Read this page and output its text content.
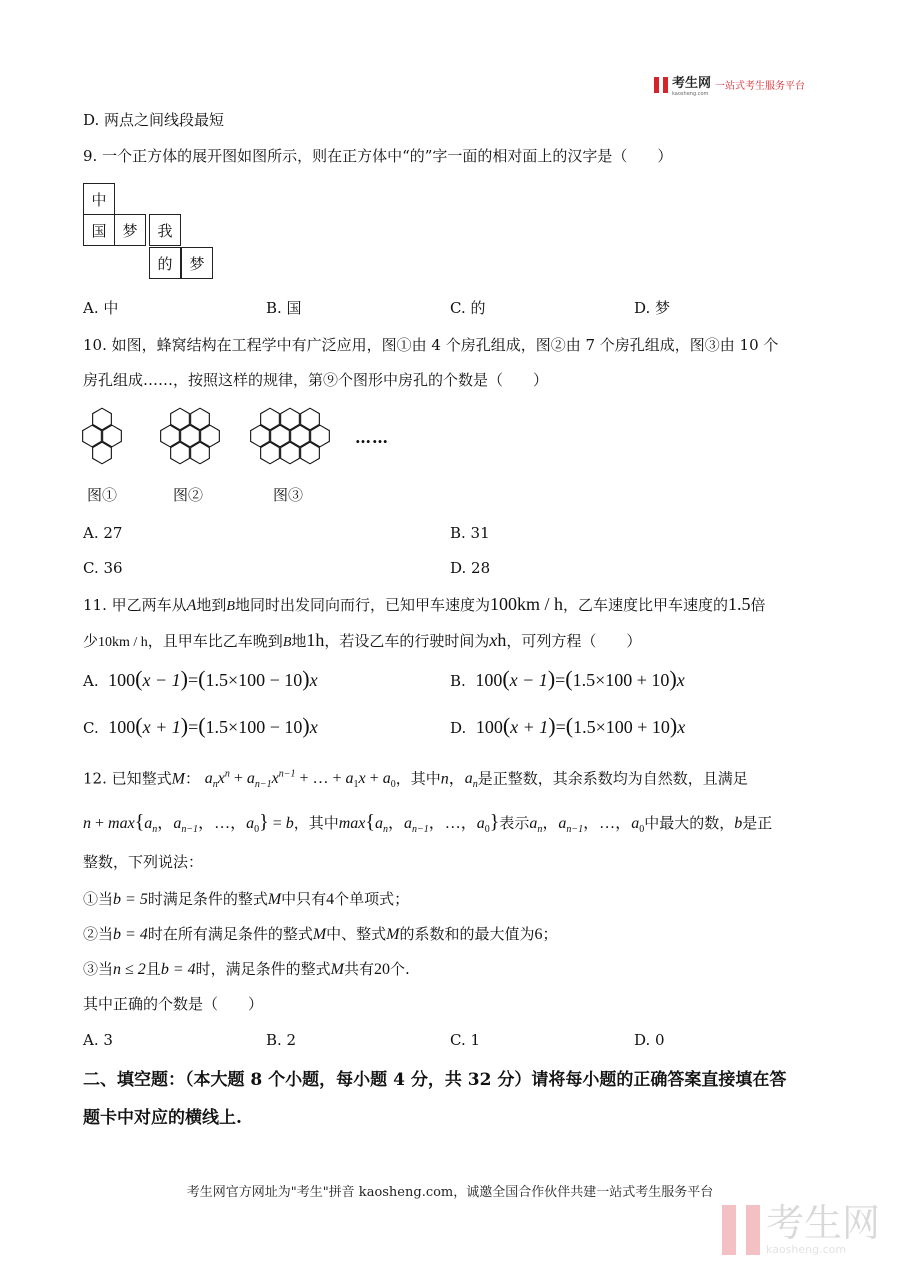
考生网
kaosheng.com
一站式考生服务平台
D. 两点之间线段最短
9. 一个正方体的展开图如图所示，则在正方体中“的”字一面的相对面上的汉字是（　　）
中
国	梦	我
的	梦
A. 中	B. 国	C. 的	D. 梦
10. 如图，蜂窝结构在工程学中有广泛应用，图①由 4 个房孔组成，图②由 7 个房孔组成，图③由 10 个
房孔组成……，按照这样的规律，第⑨个图形中房孔的个数是（　　）
……
图①	图②	图③
A. 27	B. 31
C. 36	D. 28
11. 甲乙两车从A地到B地同时出发同向而行，已知甲车速度为100km / h，乙车速度比甲车速度的1.5倍
少10km / h，且甲车比乙车晚到B地1h，若设乙车的行驶时间为xh，可列方程（　　）
A. 100(x − 1)=(1.5×100 − 10)x	B. 100(x − 1)=(1.5×100 + 10)x
C. 100(x + 1)=(1.5×100 − 10)x	D. 100(x + 1)=(1.5×100 + 10)x
12. 已知整式M： $a_nx^n + a_{n-1}x^{n-1}$ + … + $a_1x + a_0$，其中n，$a_n$是正整数，其余系数均为自然数，且满足
$n + \max\{a_n$，$a_{n-1}$，…，$a_0\} = b$，其中$\max\{a_n$，$a_{n-1}$，…，$a_0$}表示$a_n$，$a_{n-1}$，…，$a_0$中最大的数，b是正
整数，下列说法：
①当b = 5时满足条件的整式M中只有4个单项式；
②当b = 4时在所有满足条件的整式M中、整式M的系数和的最大值为6；
③当n ≤ 2且b = 4时，满足条件的整式M共有20个.
其中正确的个数是（　　）
A. 3	B. 2	C. 1	D. 0
二、填空题：（本大题 8 个小题，每小题 4 分，共 32 分）请将每小题的正确答案直接填在答
题卡中对应的横线上.
考生网官方网址为"考生"拼音 kaosheng.com，诚邀全国合作伙伴共建一站式考生服务平台
考生网
kaosheng.com
